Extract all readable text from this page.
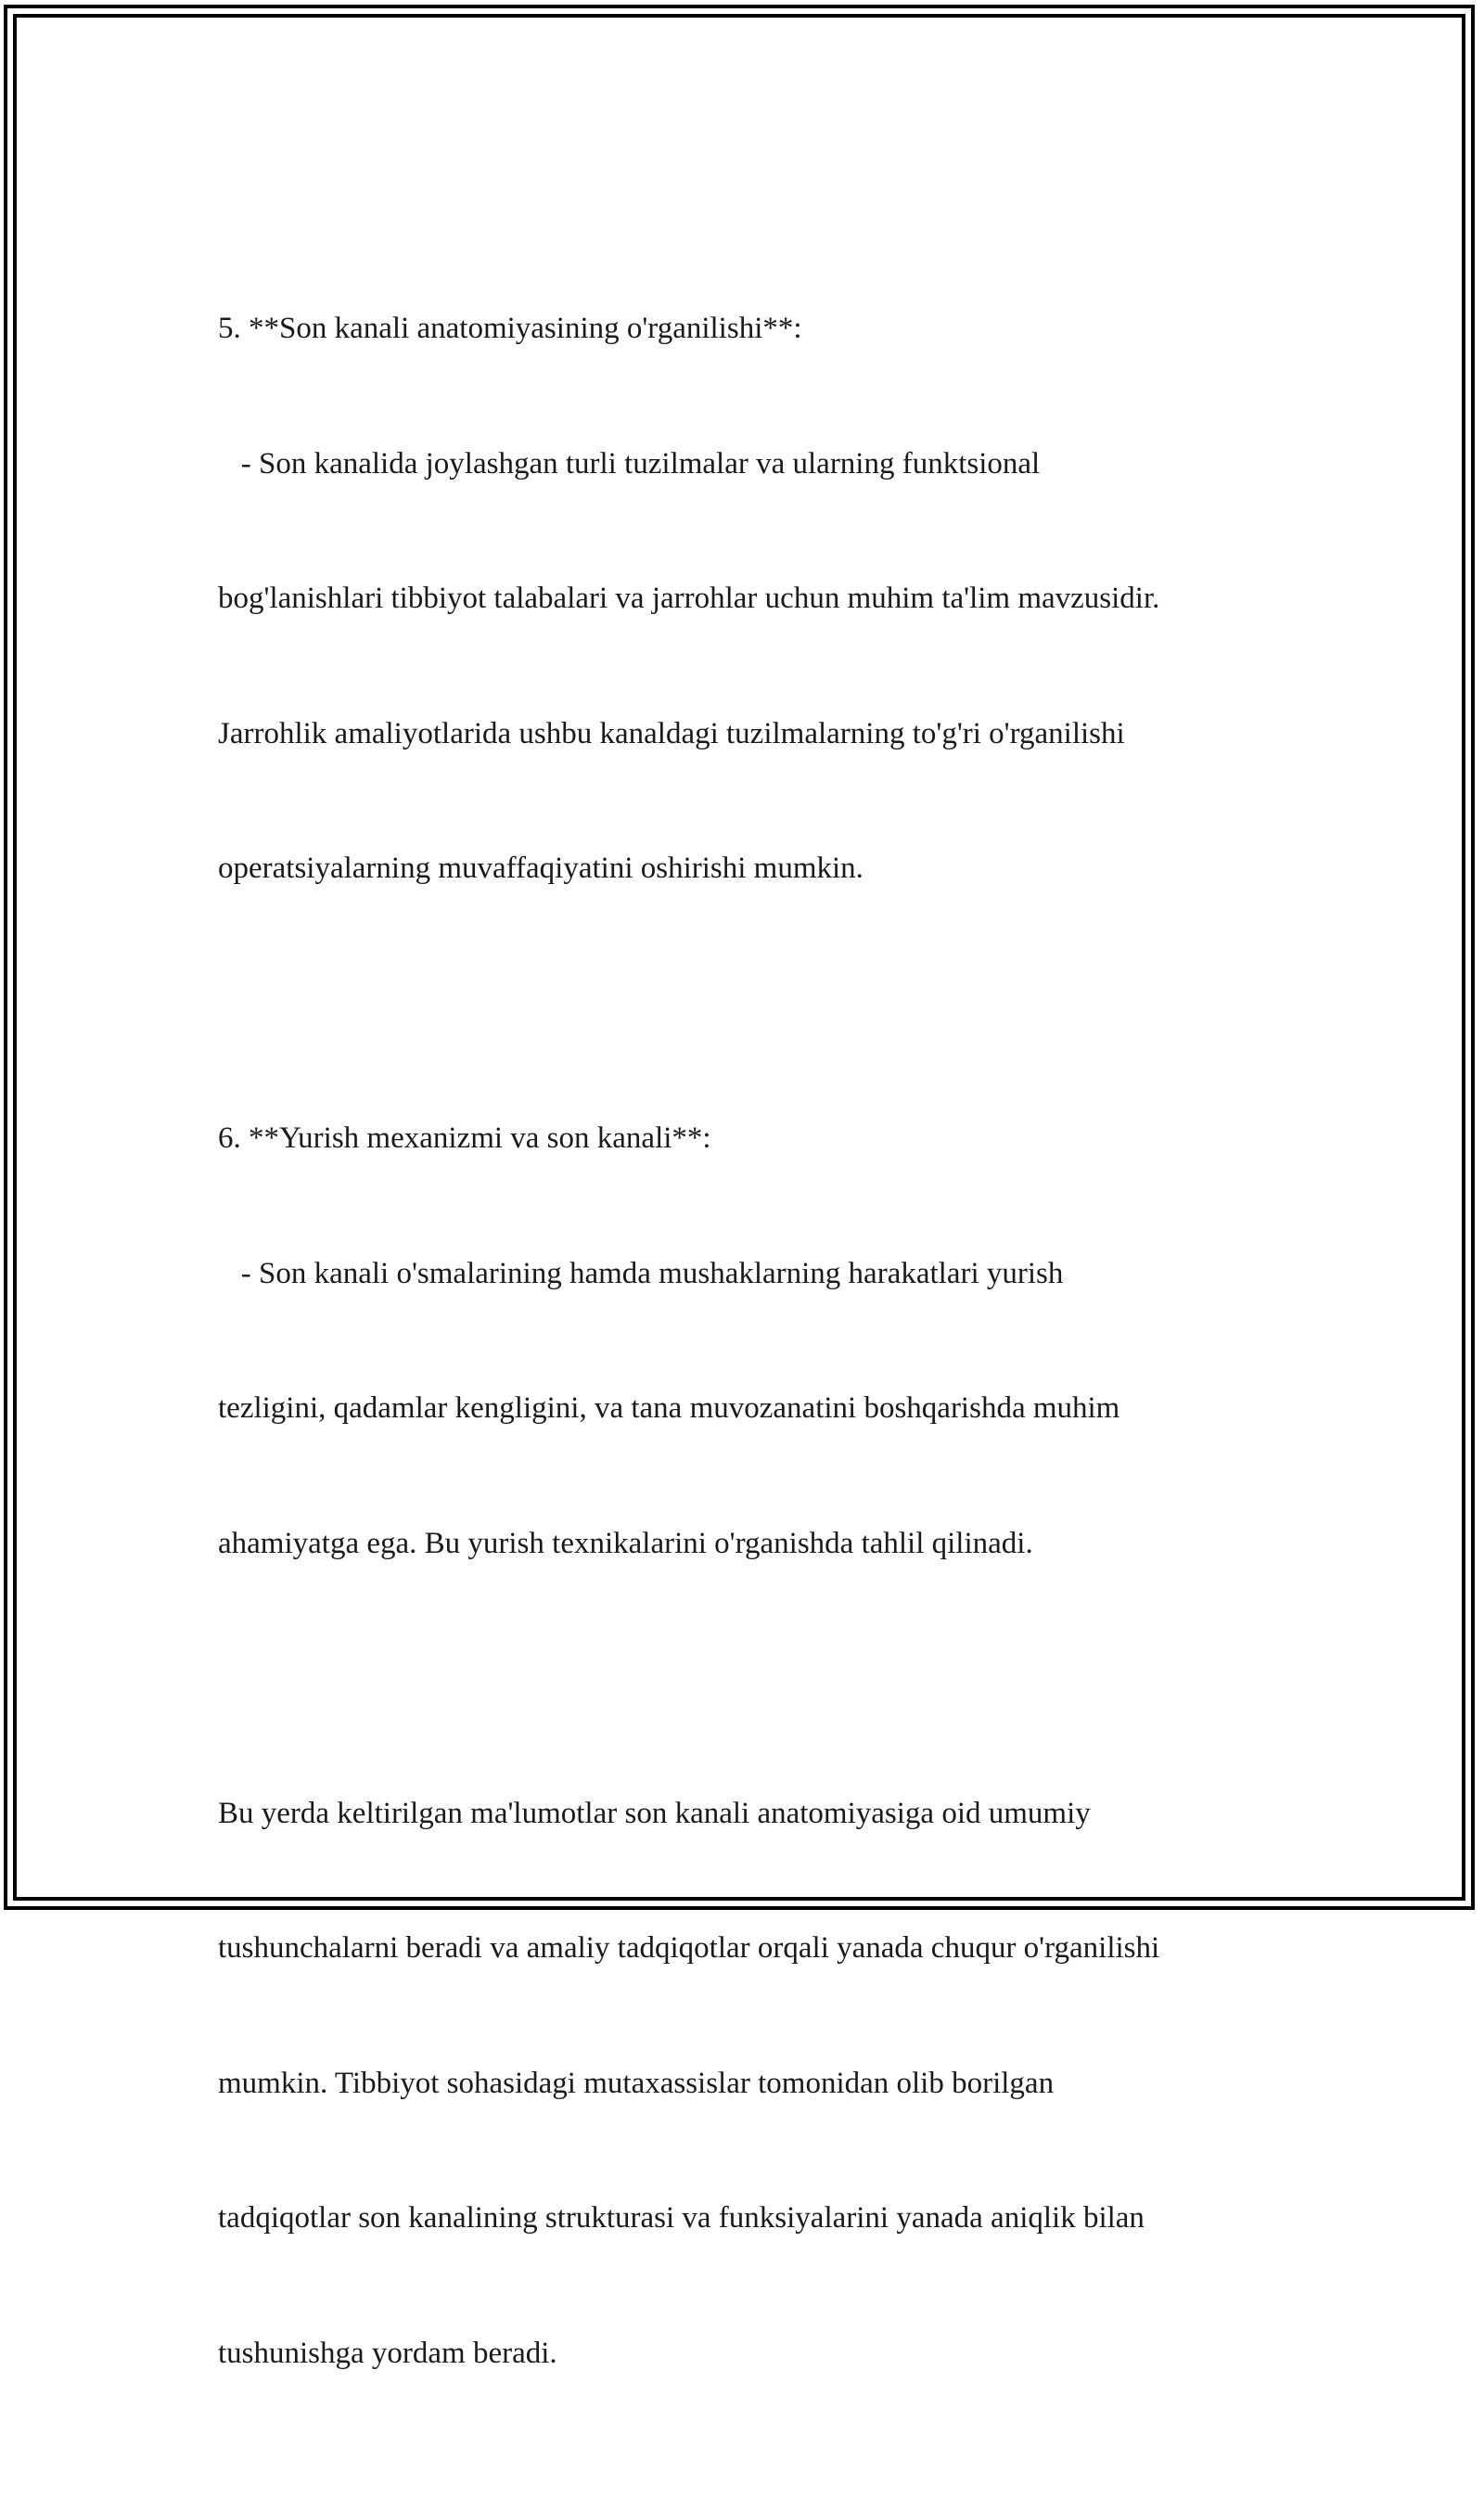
5. **Son kanali anatomiyasining o'rganilishi**:

- Son kanalida joylashgan turli tuzilmalar va ularning funktsional

bog'lanishlari tibbiyot talabalari va jarrohlar uchun muhim ta'lim mavzusidir.

Jarrohlik amaliyotlarida ushbu kanaldagi tuzilmalarning to'g'ri o'rganilishi

operatsiyalarning muvaffaqiyatini oshirishi mumkin.

6. **Yurish mexanizmi va son kanali**:

- Son kanali o'smalarining hamda mushaklarning harakatlari yurish

tezligini, qadamlar kengligini, va tana muvozanatini boshqarishda muhim

ahamiyatga ega. Bu yurish texnikalarini o'rganishda tahlil qilinadi.

Bu yerda keltirilgan ma'lumotlar son kanali anatomiyasiga oid umumiy

tushunchalarni beradi va amaliy tadqiqotlar orqali yanada chuqur o'rganilishi

mumkin. Tibbiyot sohasidagi mutaxassislar tomonidan olib borilgan

tadqiqotlar son kanalining strukturasi va funksiyalarini yanada aniqlik bilan

tushunishga yordam beradi.
